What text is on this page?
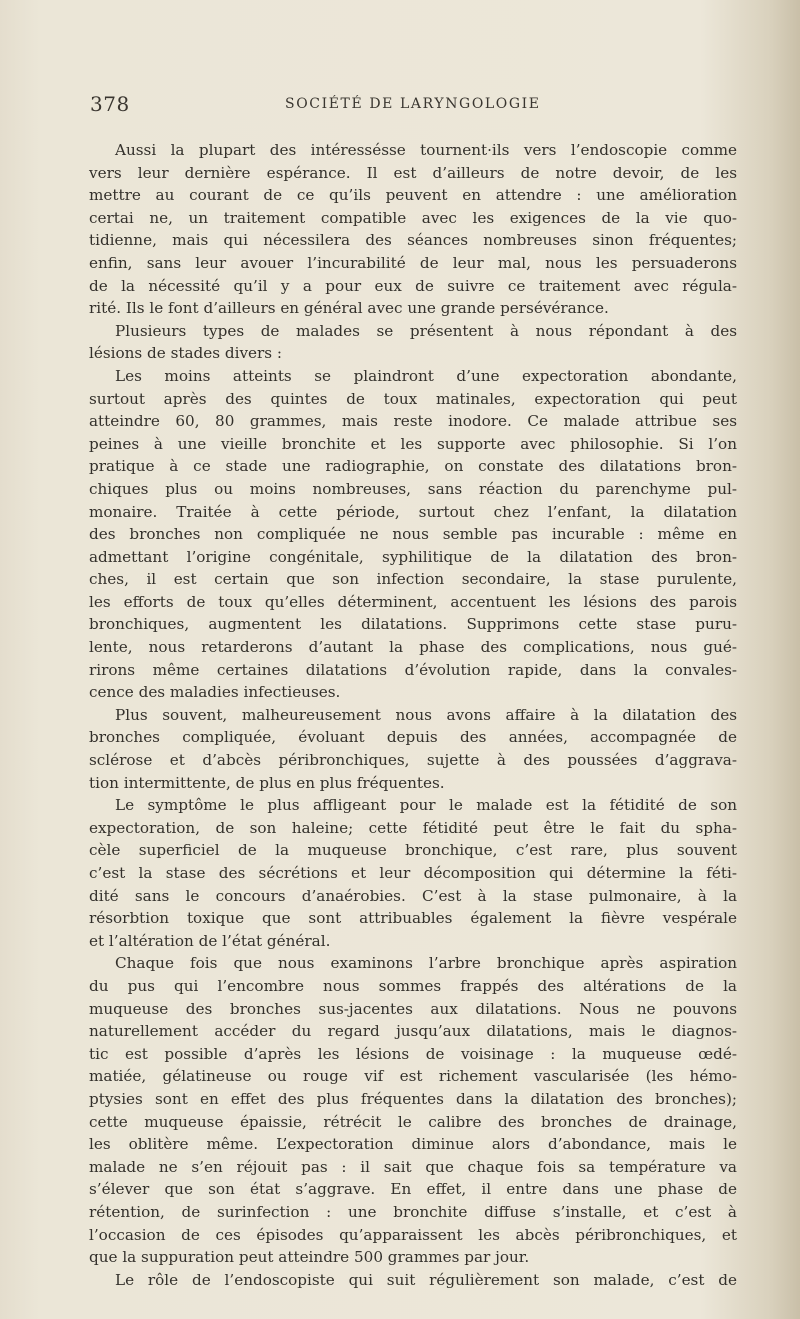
378	SOCIÉTÉ DE LARYNGOLOGIE
Aussi la plupart des intéressésse tournent·ils vers l’endoscopie comme
vers leur dernière espérance. Il est d’ailleurs de notre devoir, de les
mettre au courant de ce qu’ils peuvent en attendre : une amélioration
certai ne, un traitement compatible avec les exigences de la vie quo-
tidienne, mais qui nécessilera des séances nombreuses sinon fréquentes;
enfin, sans leur avouer l’incurabilité de leur mal, nous les persuaderons
de la nécessité qu’il y a pour eux de suivre ce traitement avec régula-
rité. Ils le font d’ailleurs en général avec une grande persévérance.
Plusieurs types de malades se présentent à nous répondant à des
lésions de stades divers :
Les moins atteints se plaindront d’une expectoration abondante,
surtout après des quintes de toux matinales, expectoration qui peut
atteindre 60, 80 grammes, mais reste inodore. Ce malade attribue ses
peines à une vieille bronchite et les supporte avec philosophie. Si l’on
pratique à ce stade une radiographie, on constate des dilatations bron-
chiques plus ou moins nombreuses, sans réaction du parenchyme pul-
monaire. Traitée à cette période, surtout chez l’enfant, la dilatation
des bronches non compliquée ne nous semble pas incurable : même en
admettant l’origine congénitale, syphilitique de la dilatation des bron-
ches, il est certain que son infection secondaire, la stase purulente,
les efforts de toux qu’elles déterminent, accentuent les lésions des parois
bronchiques, augmentent les dilatations. Supprimons cette stase puru-
lente, nous retarderons d’autant la phase des complications, nous gué-
rirons même certaines dilatations d’évolution rapide, dans la convales-
cence des maladies infectieuses.
Plus souvent, malheureusement nous avons affaire à la dilatation des
bronches compliquée, évoluant depuis des années, accompagnée de
sclérose et d’abcès péribronchiques, sujette à des poussées d’aggrava-
tion intermittente, de plus en plus fréquentes.
Le symptôme le plus affligeant pour le malade est la fétidité de son
expectoration, de son haleine; cette fétidité peut être le fait du spha-
cèle superficiel de la muqueuse bronchique, c’est rare, plus souvent
c’est la stase des sécrétions et leur décomposition qui détermine la féti-
dité sans le concours d’anaérobies. C’est à la stase pulmonaire, à la
résorbtion toxique que sont attribuables également la fièvre vespérale
et l’altération de l’état général.
Chaque fois que nous examinons l’arbre bronchique après aspiration
du pus qui l’encombre nous sommes frappés des altérations de la
muqueuse des bronches sus-jacentes aux dilatations. Nous ne pouvons
naturellement accéder du regard jusqu’aux dilatations, mais le diagnos-
tic est possible d’après les lésions de voisinage : la muqueuse œdé-
matiée, gélatineuse ou rouge vif est richement vascularisée (les hémo-
ptysies sont en effet des plus fréquentes dans la dilatation des bronches);
cette muqueuse épaissie, rétrécit le calibre des bronches de drainage,
les oblitère même. L’expectoration diminue alors d’abondance, mais le
malade ne s’en réjouit pas : il sait que chaque fois sa température va
s’élever que son état s’aggrave. En effet, il entre dans une phase de
rétention, de surinfection : une bronchite diffuse s’installe, et c’est à
l’occasion de ces épisodes qu’apparaissent les abcès péribronchiques, et
que la suppuration peut atteindre 500 grammes par jour.
Le rôle de l’endoscopiste qui suit régulièrement son malade, c’est de
